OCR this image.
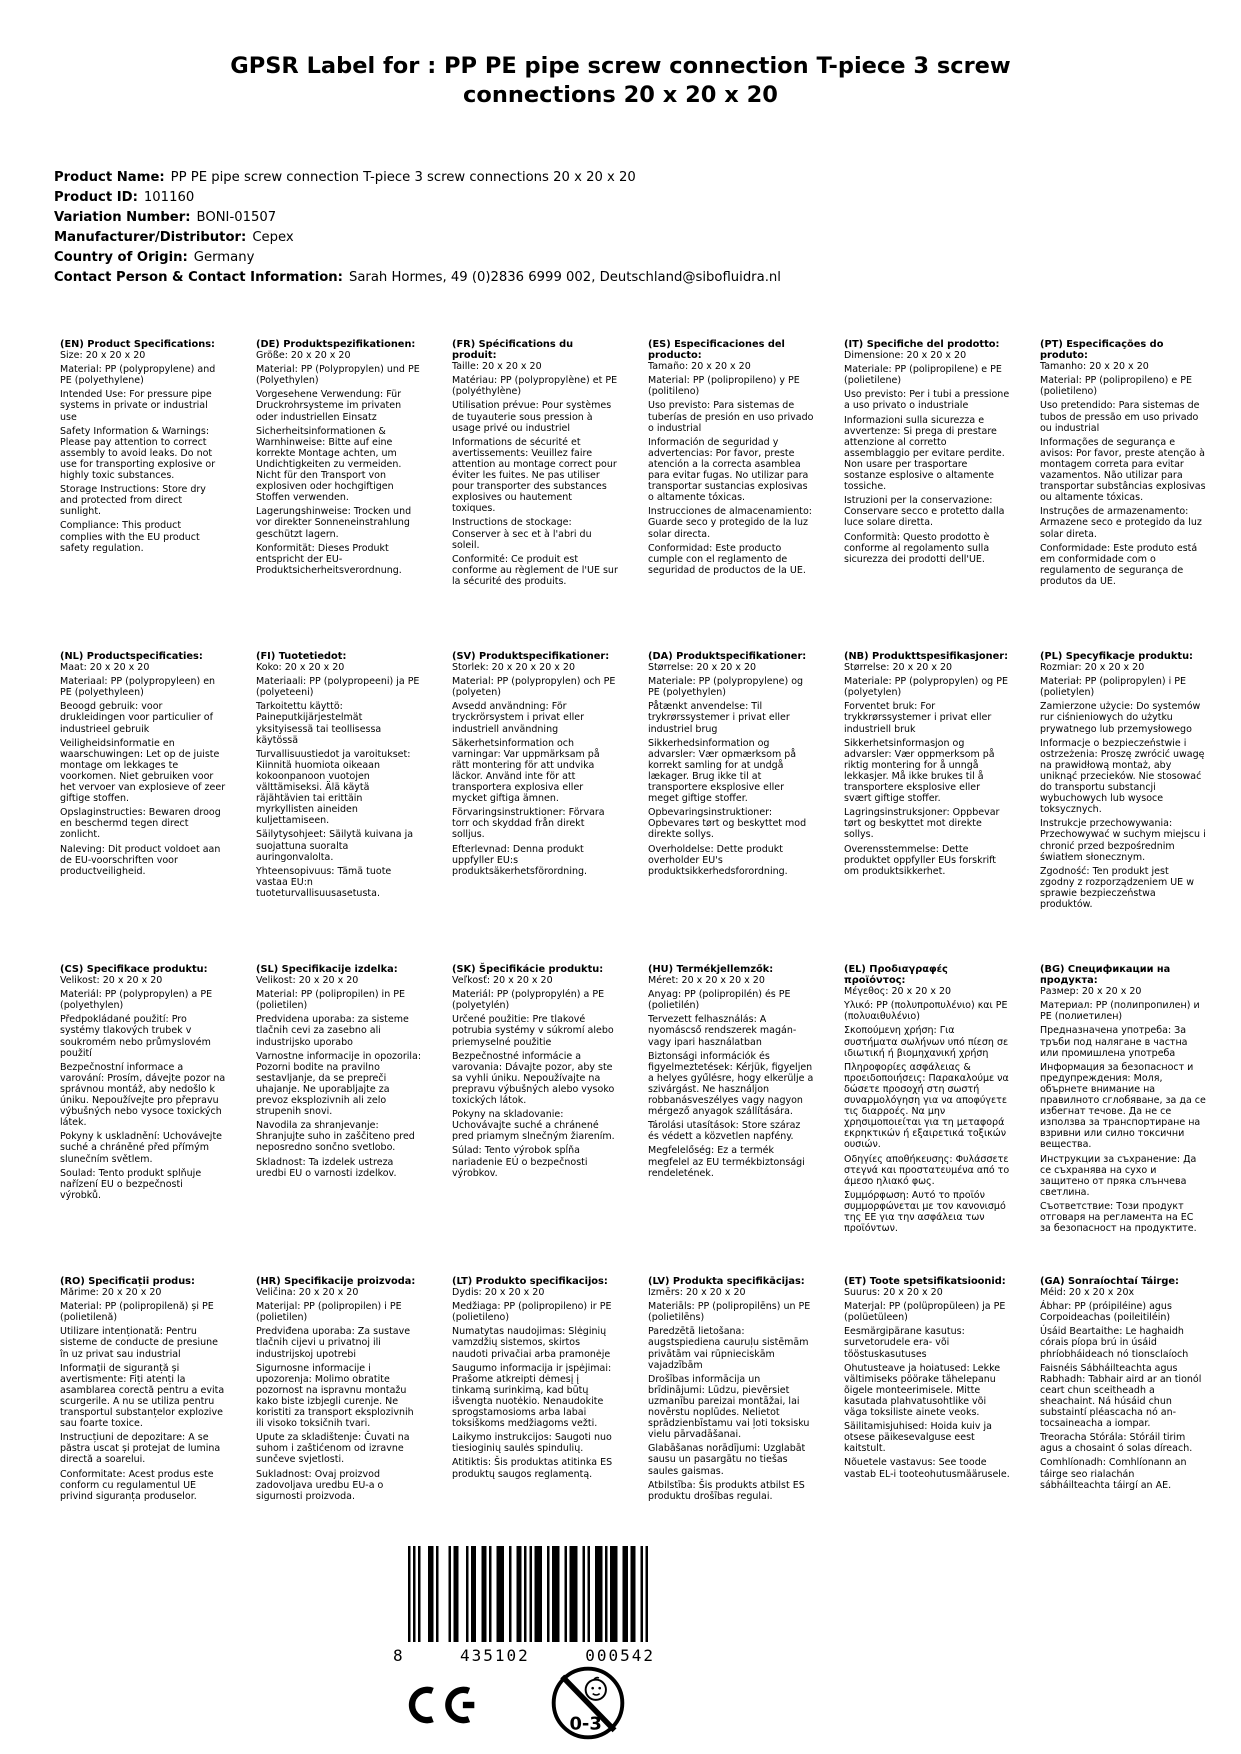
GPSR Label for : PP PE pipe screw connection T-piece 3 screw connections 20 x 20 x 20
Product Name: PP PE pipe screw connection T-piece 3 screw connections 20 x 20 x 20
Product ID: 101160
Variation Number: BONI-01507
Manufacturer/Distributor: Cepex
Country of Origin: Germany
Contact Person & Contact Information: Sarah Hormes, 49 (0)2836 6999 002, Deutschland@sibofluidra.nl
(EN) Product Specifications:
Size: 20 x 20 x 20
Material: PP (polypropylene) and PE (polyethylene)
Intended Use: For pressure pipe systems in private or industrial use
Safety Information & Warnings: Please pay attention to correct assembly to avoid leaks. Do not use for transporting explosive or highly toxic substances.
Storage Instructions: Store dry and protected from direct sunlight.
Compliance: This product complies with the EU product safety regulation.
(DE) Produktspezifikationen:
Größe: 20 x 20 x 20
Material: PP (Polypropylen) und PE (Polyethylen)
Vorgesehene Verwendung: Für Druckrohrsysteme im privaten oder industriellen Einsatz
Sicherheitsinformationen & Warnhinweise: Bitte auf eine korrekte Montage achten, um Undichtigkeiten zu vermeiden. Nicht für den Transport von explosiven oder hochgiftigen Stoffen verwenden.
Lagerungshinweise: Trocken und vor direkter Sonneneinstrahlung geschützt lagern.
Konformität: Dieses Produkt entspricht der EU-Produktsicherheitsverordnung.
(FR) Spécifications du produit:
Taille: 20 x 20 x 20
Matériau: PP (polypropylène) et PE (polyéthylène)
Utilisation prévue: Pour systèmes de tuyauterie sous pression à usage privé ou industriel
Informations de sécurité et avertissements: Veuillez faire attention au montage correct pour éviter les fuites. Ne pas utiliser pour transporter des substances explosives ou hautement toxiques.
Instructions de stockage: Conserver à sec et à l'abri du soleil.
Conformité: Ce produit est conforme au règlement de l'UE sur la sécurité des produits.
(ES) Especificaciones del producto:
Tamaño: 20 x 20 x 20
Material: PP (polipropileno) y PE (politileno)
Uso previsto: Para sistemas de tuberías de presión en uso privado o industrial
Información de seguridad y advertencias: Por favor, preste atención a la correcta asamblea para evitar fugas. No utilizar para transportar sustancias explosivas o altamente tóxicas.
Instrucciones de almacenamiento: Guarde seco y protegido de la luz solar directa.
Conformidad: Este producto cumple con el reglamento de seguridad de productos de la UE.
(IT) Specifiche del prodotto:
Dimensione: 20 x 20 x 20
Materiale: PP (polipropilene) e PE (polietilene)
Uso previsto: Per i tubi a pressione a uso privato o industriale
Informazioni sulla sicurezza e avvertenze: Si prega di prestare attenzione al corretto assemblaggio per evitare perdite. Non usare per trasportare sostanze esplosive o altamente tossiche.
Istruzioni per la conservazione: Conservare secco e protetto dalla luce solare diretta.
Conformità: Questo prodotto è conforme al regolamento sulla sicurezza dei prodotti dell'UE.
(PT) Especificações do produto:
Tamanho: 20 x 20 x 20
Material: PP (polipropileno) e PE (polietileno)
Uso pretendido: Para sistemas de tubos de pressão em uso privado ou industrial
Informações de segurança e avisos: Por favor, preste atenção à montagem correta para evitar vazamentos. Não utilizar para transportar substâncias explosivas ou altamente tóxicas.
Instruções de armazenamento: Armazene seco e protegido da luz solar direta.
Conformidade: Este produto está em conformidade com o regulamento de segurança de produtos da UE.
(NL) Productspecificaties:
Maat: 20 x 20 x 20
Materiaal: PP (polypropyleen) en PE (polyethyleen)
Beoogd gebruik: voor drukleidingen voor particulier of industrieel gebruik
Veiligheidsinformatie en waarschuwingen: Let op de juiste montage om lekkages te voorkomen. Niet gebruiken voor het vervoer van explosieve of zeer giftige stoffen.
Opslaginstructies: Bewaren droog en beschermd tegen direct zonlicht.
Naleving: Dit product voldoet aan de EU-voorschriften voor productveiligheid.
(FI) Tuotetiedot:
Koko: 20 x 20 x 20
Materiaali: PP (polypropeeni) ja PE (polyeteeni)
Tarkoitettu käyttö: Paineputkijärjestelmät yksityisessä tai teollisessa käytössä
Turvallisuustiedot ja varoitukset: Kiinnitä huomiota oikeaan kokoonpanoon vuotojen välttämiseksi. Älä käytä räjähtävien tai erittäin myrkyllisten aineiden kuljettamiseen.
Säilytysohjeet: Säilytä kuivana ja suojattuna suoralta auringonvalolta.
Yhteensopivuus: Tämä tuote vastaa EU:n tuoteturvallisuusasetusta.
(SV) Produktspecifikationer:
Storlek: 20 x 20 x 20 x 20
Material: PP (polypropylen) och PE (polyeten)
Avsedd användning: För tryckrörsystem i privat eller industriell användning
Säkerhetsinformation och varningar: Var uppmärksam på rätt montering för att undvika läckor. Använd inte för att transportera explosiva eller mycket giftiga ämnen.
Förvaringsinstruktioner: Förvara torr och skyddad från direkt solljus.
Efterlevnad: Denna produkt uppfyller EU:s produktsäkerhetsförordning.
(DA) Produktspecifikationer:
Størrelse: 20 x 20 x 20
Materiale: PP (polypropylene) og PE (polyethylen)
Påtænkt anvendelse: Til trykrørssystemer i privat eller industriel brug
Sikkerhedsinformation og advarsler: Vær opmærksom på korrekt samling for at undgå lækager. Brug ikke til at transportere eksplosive eller meget giftige stoffer.
Opbevaringsinstruktioner: Opbevares tørt og beskyttet mod direkte sollys.
Overholdelse: Dette produkt overholder EU's produktsikkerhedsforordning.
(NB) Produkttspesifikasjoner:
Størrelse: 20 x 20 x 20
Materiale: PP (polypropylen) og PE (polyetylen)
Forventet bruk: For trykkrørssystemer i privat eller industriell bruk
Sikkerhetsinformasjon og advarsler: Vær oppmerksom på riktig montering for å unngå lekkasjer. Må ikke brukes til å transportere eksplosive eller svært giftige stoffer.
Lagringsinstruksjoner: Oppbevar tørt og beskyttet mot direkte sollys.
Overensstemmelse: Dette produktet oppfyller EUs forskrift om produktsikkerhet.
(PL) Specyfikacje produktu:
Rozmiar: 20 x 20 x 20
Materiał: PP (polipropylen) i PE (polietylen)
Zamierzone użycie: Do systemów rur ciśnieniowych do użytku prywatnego lub przemysłowego
Informacje o bezpieczeństwie i ostrzeżenia: Proszę zwrócić uwagę na prawidłową montaż, aby uniknąć przecieków. Nie stosować do transportu substancji wybuchowych lub wysoce toksycznych.
Instrukcje przechowywania: Przechowywać w suchym miejscu i chronić przed bezpośrednim światłem słonecznym.
Zgodność: Ten produkt jest zgodny z rozporządzeniem UE w sprawie bezpieczeństwa produktów.
(CS) Specifikace produktu:
Velikost: 20 x 20 x 20
Materiál: PP (polypropylen) a PE (polyethylen)
Předpokládané použití: Pro systémy tlakových trubek v soukromém nebo průmyslovém použití
Bezpečnostní informace a varování: Prosím, dávejte pozor na správnou montáž, aby nedošlo k úniku. Nepoužívejte pro přepravu výbušných nebo vysoce toxických látek.
Pokyny k uskladnění: Uchovávejte suché a chráněné před přímým slunečním světlem.
Soulad: Tento produkt splňuje nařízení EU o bezpečnosti výrobků.
(SL) Specifikacije izdelka:
Velikost: 20 x 20 x 20
Material: PP (polipropilen) in PE (polietilen)
Predvidena uporaba: za sisteme tlačnih cevi za zasebno ali industrijsko uporabo
Varnostne informacije in opozorila: Pozorni bodite na pravilno sestavljanje, da se prepreči uhajanje. Ne uporabljajte za prevoz eksplozivnih ali zelo strupenih snovi.
Navodila za shranjevanje: Shranjujte suho in zaščiteno pred neposredno sončno svetlobo.
Skladnost: Ta izdelek ustreza uredbi EU o varnosti izdelkov.
(SK) Špecifikácie produktu:
Veľkosť: 20 x 20 x 20
Materiál: PP (polypropylén) a PE (polyetylén)
Určené použitie: Pre tlakové potrubia systémy v súkromí alebo priemyselné použitie
Bezpečnostné informácie a varovania: Dávajte pozor, aby ste sa vyhli úniku. Nepoužívajte na prepravu výbušných alebo vysoko toxických látok.
Pokyny na skladovanie: Uchovávajte suché a chránené pred priamym slnečným žiarením.
Súlad: Tento výrobok spĺňa nariadenie EÚ o bezpečnosti výrobkov.
(HU) Termékjellemzők:
Méret: 20 x 20 x 20 x 20
Anyag: PP (polipropilén) és PE (polietilén)
Tervezett felhasználás: A nyomáscső rendszerek magán- vagy ipari használatban
Biztonsági információk és figyelmeztetések: Kérjük, figyeljen a helyes gyűlésre, hogy elkerülje a szivárgást. Ne használjon robbanásveszélyes vagy nagyon mérgező anyagok szállítására.
Tárolási utasítások: Store száraz és védett a közvetlen napfény.
Megfelelőség: Ez a termék megfelel az EU termékbiztonsági rendeletének.
(EL) Προδιαγραφές προϊόντος:
Μέγεθος: 20 x 20 x 20
Υλικό: PP (πολυπροπυλένιο) και PE (πολυαιθυλένιο)
Σκοπούμενη χρήση: Για συστήματα σωλήνων υπό πίεση σε ιδιωτική ή βιομηχανική χρήση
Πληροφορίες ασφάλειας & προειδοποιήσεις: Παρακαλούμε να δώσετε προσοχή στη σωστή συναρμολόγηση για να αποφύγετε τις διαρροές. Να μην χρησιμοποιείται για τη μεταφορά εκρηκτικών ή εξαιρετικά τοξικών ουσιών.
Οδηγίες αποθήκευσης: Φυλάσσετε στεγνά και προστατευμένα από το άμεσο ηλιακό φως.
Συμμόρφωση: Αυτό το προϊόν συμμορφώνεται με τον κανονισμό της ΕΕ για την ασφάλεια των προϊόντων.
(BG) Спецификации на продукта:
Размер: 20 x 20 x 20
Материал: PP (полипропилен) и PE (полиетилен)
Предназначена употреба: За тръби под налягане в частна или промишлена употреба
Информация за безопасност и предупреждения: Моля, обърнете внимание на правилното сглобяване, за да се избегнат течове. Да не се използва за транспортиране на взривни или силно токсични вещества.
Инструкции за съхранение: Да се съхранява на сухо и защитено от пряка слънчева светлина.
Съответствие: Този продукт отговаря на регламента на ЕС за безопасност на продуктите.
(RO) Specificații produs:
Mărime: 20 x 20 x 20
Material: PP (polipropilenă) și PE (polietilenă)
Utilizare intenționată: Pentru sisteme de conducte de presiune în uz privat sau industrial
Informații de siguranță și avertismente: Fiți atenți la asamblarea corectă pentru a evita scurgerile. A nu se utiliza pentru transportul substanțelor explozive sau foarte toxice.
Instrucțiuni de depozitare: A se păstra uscat și protejat de lumina directă a soarelui.
Conformitate: Acest produs este conform cu regulamentul UE privind siguranța produselor.
(HR) Specifikacije proizvoda:
Veličina: 20 x 20 x 20
Materijal: PP (polipropilen) i PE (polietilen)
Predviđena uporaba: Za sustave tlačnih cijevi u privatnoj ili industrijskoj upotrebi
Sigurnosne informacije i upozorenja: Molimo obratite pozornost na ispravnu montažu kako biste izbjegli curenje. Ne koristiti za transport eksplozivnih ili visoko toksičnih tvari.
Upute za skladištenje: Čuvati na suhom i zaštićenom od izravne sunčeve svjetlosti.
Sukladnost: Ovaj proizvod zadovoljava uredbu EU-a o sigurnosti proizvoda.
(LT) Produkto specifikacijos:
Dydis: 20 x 20 x 20
Medžiaga: PP (polipropileno) ir PE (polietileno)
Numatytas naudojimas: Slėginių vamzdžių sistemos, skirtos naudoti privačiai arba pramonėje
Saugumo informacija ir įspėjimai: Prašome atkreipti dėmesį į tinkamą surinkimą, kad būtų išvengta nuotėkio. Nenaudokite sprogstamosioms arba labai toksiškoms medžiagoms vežti.
Laikymo instrukcijos: Saugoti nuo tiesioginių saulės spindulių.
Atitiktis: Šis produktas atitinka ES produktų saugos reglamentą.
(LV) Produkta specifikācijas:
Izmērs: 20 x 20 x 20
Materiāls: PP (polipropilēns) un PE (polietilēns)
Paredzētā lietošana: augstspiediena cauruļu sistēmām privātām vai rūpnieciskām vajadzībām
Drošības informācija un brīdinājumi: Lūdzu, pievērsiet uzmanību pareizai montāžai, lai novērstu noplūdes. Nelietot sprādzienbīstamu vai ļoti toksisku vielu pārvadāšanai.
Glabāšanas norādījumi: Uzglabāt sausu un pasargātu no tiešas saules gaismas.
Atbilstība: Šis produkts atbilst ES produktu drošības regulai.
(ET) Toote spetsifikatsioonid:
Suurus: 20 x 20 x 20
Materjal: PP (polüpropüleen) ja PE (polüetüleen)
Eesmärgipärane kasutus: survetorudele era- või tööstuskasutuses
Ohutusteave ja hoiatused: Lekke vältimiseks pöörake tähelepanu õigele monteerimisele. Mitte kasutada plahvatusohtlike või väga toksiliste ainete veoks.
Säilitamisjuhised: Hoida kuiv ja otsese päikesevalguse eest kaitstult.
Nõuetele vastavus: See toode vastab EL-i tooteohutusmäärusele.
(GA) Sonraíochtaí Táirge:
Méid: 20 x 20 x 20x
Ábhar: PP (próipiléine) agus Corpoideachas (poileitiléin)
Úsáid Beartaithe: Le haghaidh córais píopa brú in úsáid phríobháideach nó tionsclaíoch
Faisnéis Sábháilteachta agus Rabhadh: Tabhair aird ar an tionól ceart chun sceitheadh a sheachaint. Ná húsáid chun substaintí pléascacha nó an-tocsaineacha a iompar.
Treoracha Stórála: Stóráil tirim agus a chosaint ó solas díreach.
Comhlíonadh: Comhlíonann an táirge seo rialachán sábháilteachta táirgí an AE.
8	435102	000542
0-3
